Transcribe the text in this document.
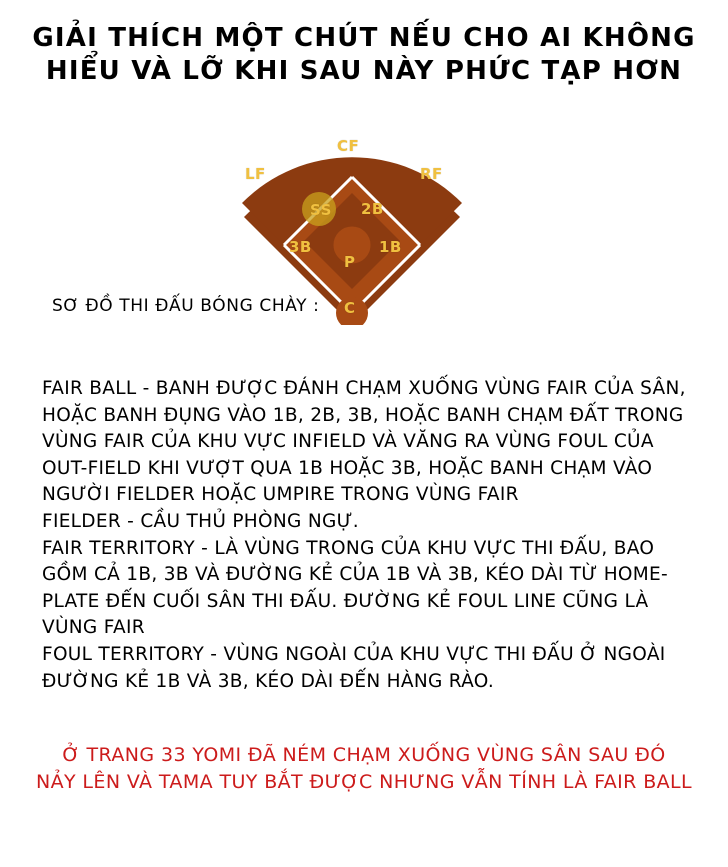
GIẢI THÍCH MỘT CHÚT NẾU CHO AI KHÔNG
HIỂU VÀ LỠ KHI SAU NÀY PHỨC TẠP HƠN
CF
LF	RF
SS 2B
3B	1B
P
C
SƠ ĐỒ THI ĐẤU BÓNG CHÀY :

FAIR BALL - BANH ĐƯỢC ĐÁNH CHẠM XUỐNG VÙNG FAIR CỦA SÂN, HOẶC BANH ĐỤNG VÀO 1B, 2B, 3B, HOẶC BANH CHẠM ĐẤT TRONG VÙNG FAIR CỦA KHU VỰC INFIELD VÀ VĂNG RA VÙNG FOUL CỦA OUT-FIELD KHI VƯỢT QUA 1B HOẶC 3B, HOẶC BANH CHẠM VÀO NGƯỜI FIELDER HOẶC UMPIRE TRONG VÙNG FAIR

FIELDER - CẦU THỦ PHÒNG NGỰ.

FAIR TERRITORY - LÀ VÙNG TRONG CỦA KHU VỰC THI ĐẤU, BAO GỒM CẢ 1B, 3B VÀ ĐƯỜNG KẺ CỦA 1B VÀ 3B, KÉO DÀI TỪ HOME-PLATE ĐẾN CUỐI SÂN THI ĐẤU. ĐƯỜNG KẺ FOUL LINE CŨNG LÀ VÙNG FAIR

FOUL TERRITORY - VÙNG NGOÀI CỦA KHU VỰC THI ĐẤU Ở NGOÀI ĐƯỜNG KẺ 1B VÀ 3B, KÉO DÀI ĐẾN HÀNG RÀO.

Ở TRANG 33 YOMI ĐÃ NÉM CHẠM XUỐNG VÙNG SÂN SAU ĐÓ
NẢY LÊN VÀ TAMA TUY BẮT ĐƯỢC NHƯNG VẪN TÍNH LÀ FAIR BALL
